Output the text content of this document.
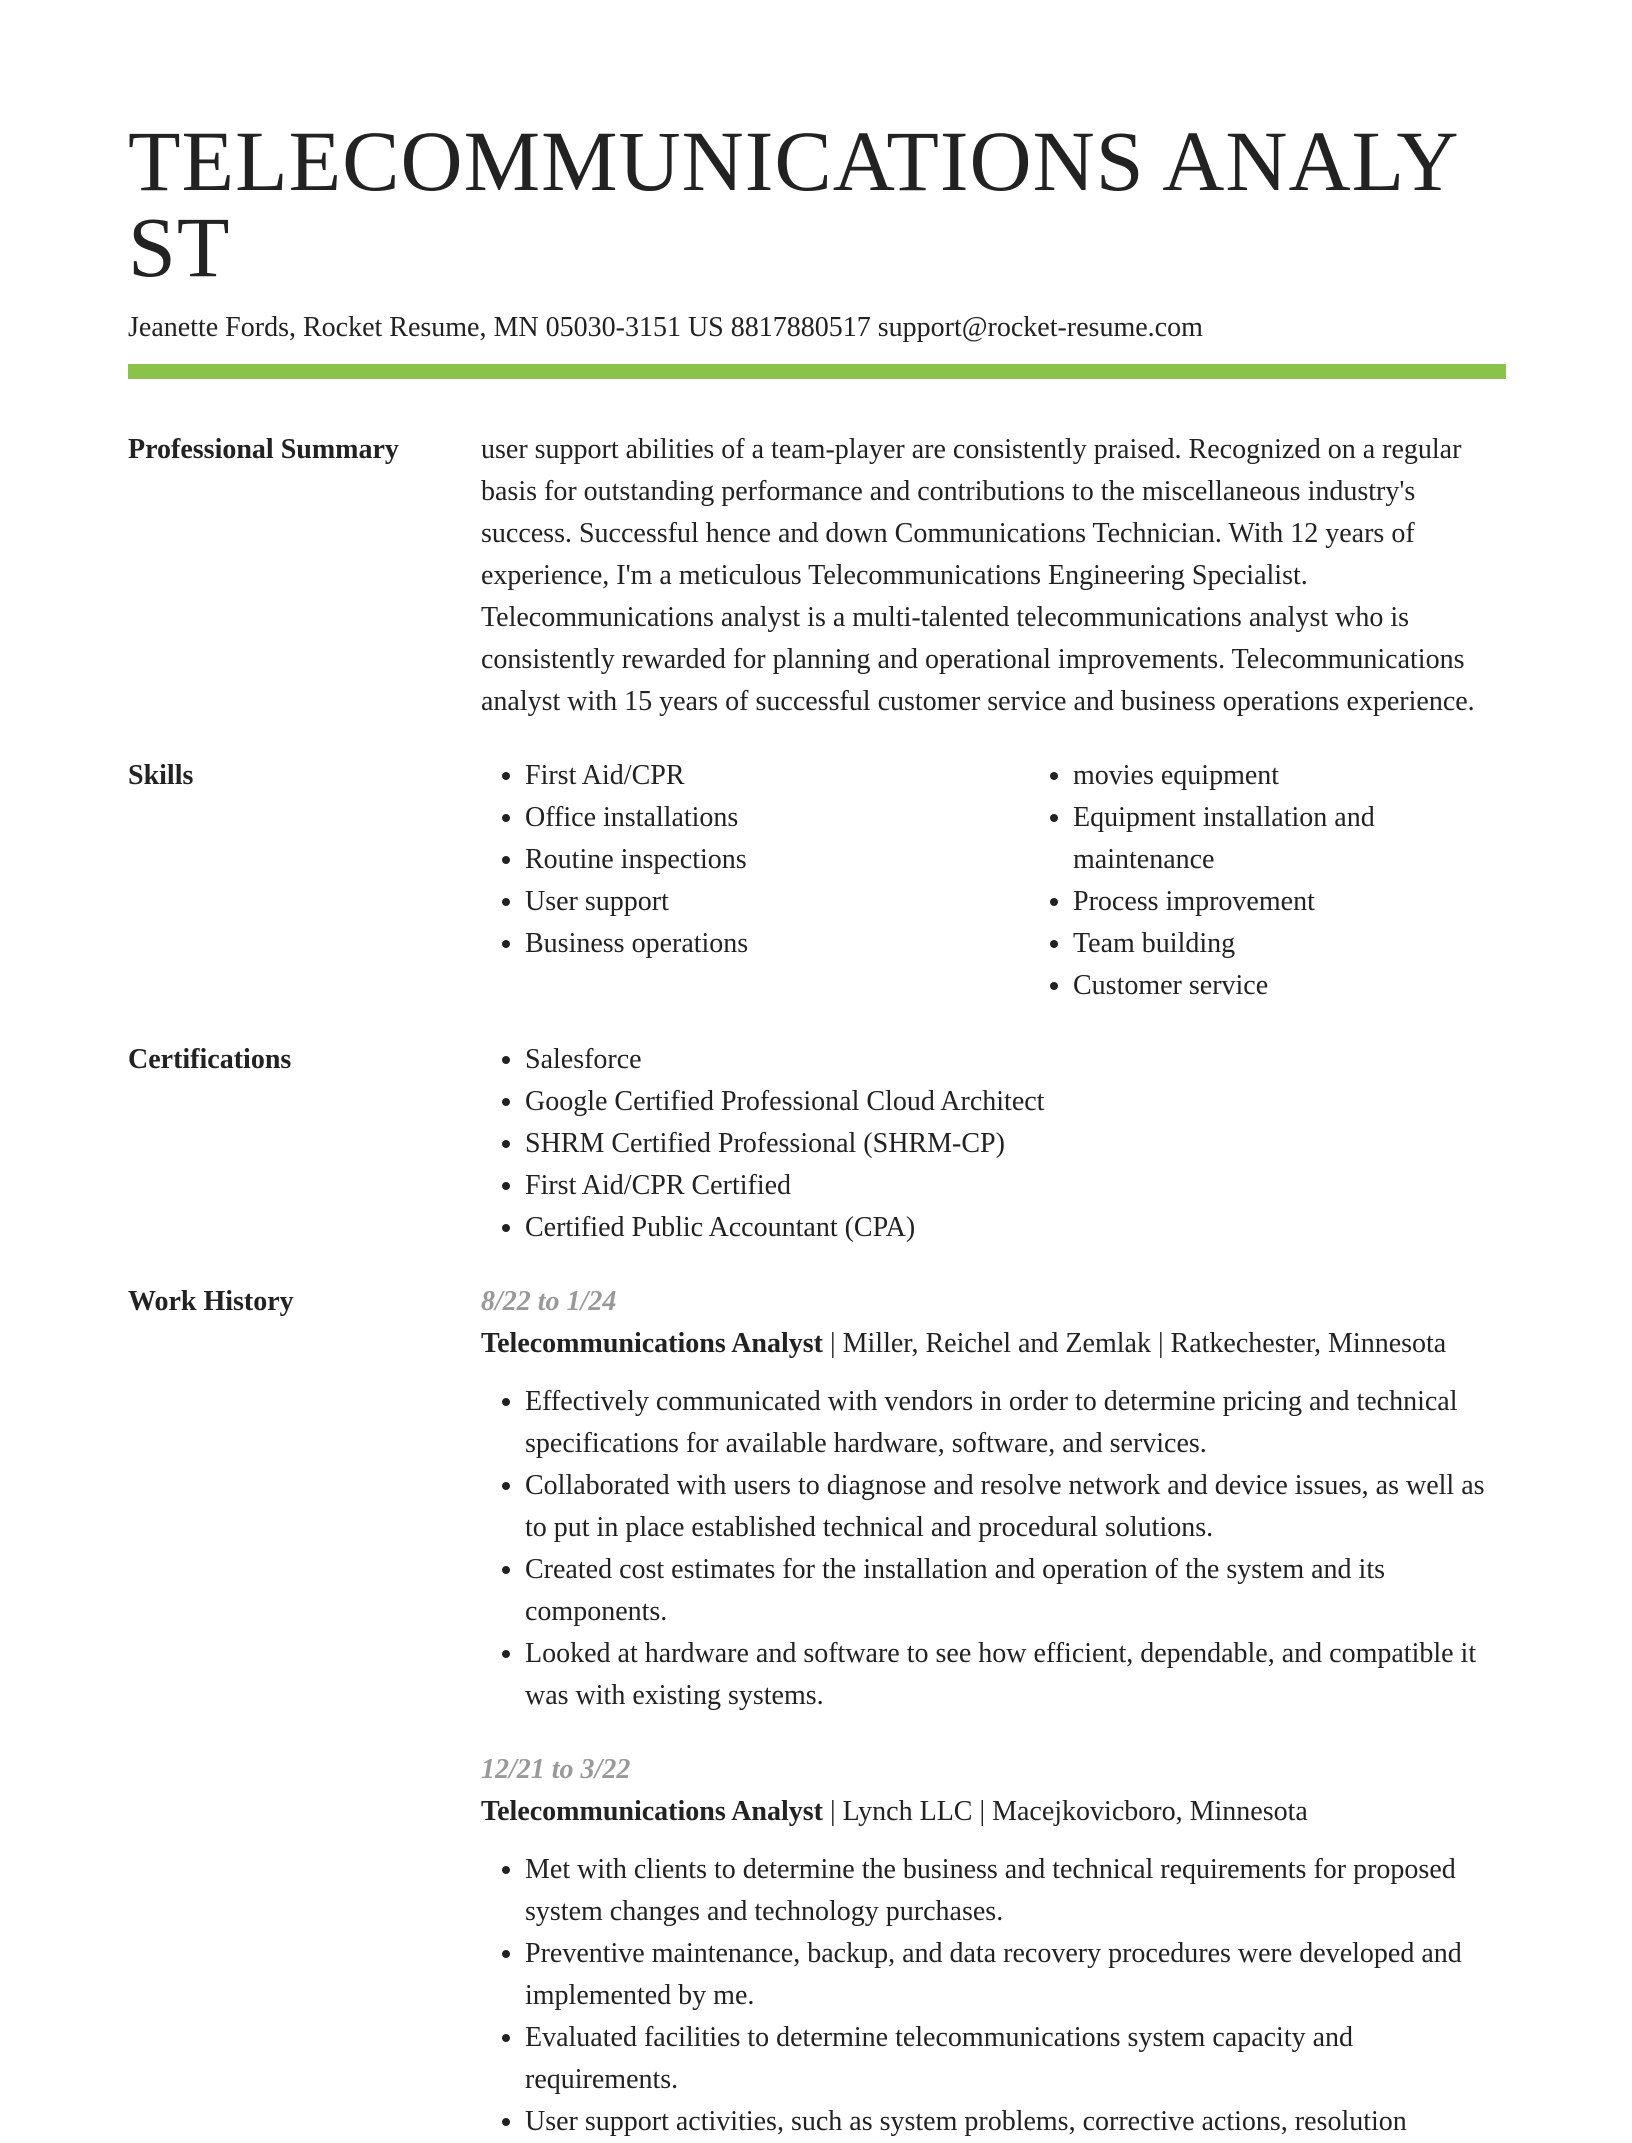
TELECOMMUNICATIONS ANALYST
Jeanette Fords, Rocket Resume, MN 05030-3151 US 8817880517 support@rocket-resume.com
Professional Summary	user support abilities of a team-player are consistently praised. Recognized on a regular basis for outstanding performance and contributions to the miscellaneous industry's success. Successful hence and down Communications Technician. With 12 years of experience, I'm a meticulous Telecommunications Engineering Specialist. Telecommunications analyst is a multi-talented telecommunications analyst who is consistently rewarded for planning and operational improvements. Telecommunications analyst with 15 years of successful customer service and business operations experience.
Skills	• First Aid/CPR
• Office installations
• Routine inspections
• User support
• Business operations
• movies equipment
• Equipment installation and maintenance
• Process improvement
• Team building
• Customer service
Certifications	• Salesforce
• Google Certified Professional Cloud Architect
• SHRM Certified Professional (SHRM-CP)
• First Aid/CPR Certified
• Certified Public Accountant (CPA)
Work History	8/22 to 1/24
Telecommunications Analyst | Miller, Reichel and Zemlak | Ratkechester, Minnesota
• Effectively communicated with vendors in order to determine pricing and technical specifications for available hardware, software, and services.
• Collaborated with users to diagnose and resolve network and device issues, as well as to put in place established technical and procedural solutions.
• Created cost estimates for the installation and operation of the system and its components.
• Looked at hardware and software to see how efficient, dependable, and compatible it was with existing systems.
12/21 to 3/22
Telecommunications Analyst | Lynch LLC | Macejkovicboro, Minnesota
• Met with clients to determine the business and technical requirements for proposed system changes and technology purchases.
• Preventive maintenance, backup, and data recovery procedures were developed and implemented by me.
• Evaluated facilities to determine telecommunications system capacity and requirements.
• User support activities, such as system problems, corrective actions, resolution
